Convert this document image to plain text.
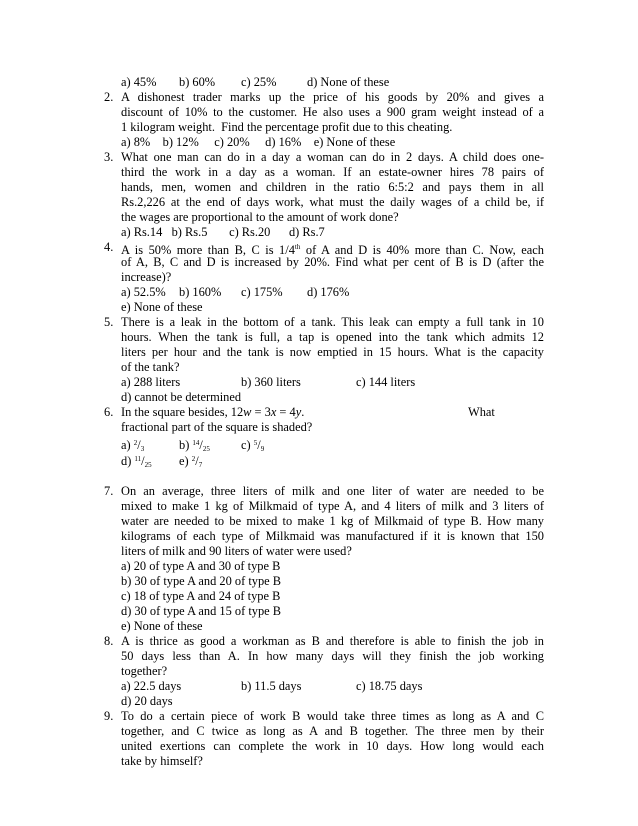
a) 45% b) 60% c) 25% d) None of these
2. A dishonest trader marks up the price of his goods by 20% and gives a
discount of 10% to the customer. He also uses a 900 gram weight instead of a
1 kilogram weight.  Find the percentage profit due to this cheating.
a) 8%    b) 12%     c) 20%     d) 16%    e) None of these
3. What one man can do in a day a woman can do in 2 days. A child does one-
third the work in a day as a woman. If an estate-owner hires 78 pairs of
hands, men, women and children in the ratio 6:5:2 and pays them in all
Rs.2,226 at the end of days work, what must the daily wages of a child be, if
the wages are proportional to the amount of work done?
a) Rs.14   b) Rs.5       c) Rs.20      d) Rs.7
4. A is 50% more than B, C is 1/4th of A and D is 40% more than C. Now, each
of A, B, C and D is increased by 20%. Find what per cent of B is D (after the
increase)?
a) 52.5% b) 160% c) 175% d) 176%
e) None of these
5. There is a leak in the bottom of a tank. This leak can empty a full tank in 10
hours. When the tank is full, a tap is opened into the tank which admits 12
liters per hour and the tank is now emptied in 15 hours. What is the capacity
of the tank?
a) 288 liters	b) 360 liters	c) 144 liters
d) cannot be determined
6. In the square besides, 12w = 3x = 4y.	What
fractional part of the square is shaded?
a) $^2/_3$	b) $^{14}/_{25}$	c) $^5/_9$
d) $^{11}/_{25}$ e) $^2/_7$
7. On an average, three liters of milk and one liter of water are needed to be
mixed to make 1 kg of Milkmaid of type A, and 4 liters of milk and 3 liters of
water are needed to be mixed to make 1 kg of Milkmaid of type B. How many
kilograms of each type of Milkmaid was manufactured if it is known that 150
liters of milk and 90 liters of water were used?
a) 20 of type A and 30 of type B
b) 30 of type A and 20 of type B
c) 18 of type A and 24 of type B
d) 30 of type A and 15 of type B
e) None of these
8. A is thrice as good a workman as B and therefore is able to finish the job in
50 days less than A. In how many days will they finish the job working
together?
a) 22.5 days	b) 11.5 days	c) 18.75 days
d) 20 days
9. To do a certain piece of work B would take three times as long as A and C
together, and C twice as long as A and B together. The three men by their
united exertions can complete the work in 10 days. How long would each
take by himself?
